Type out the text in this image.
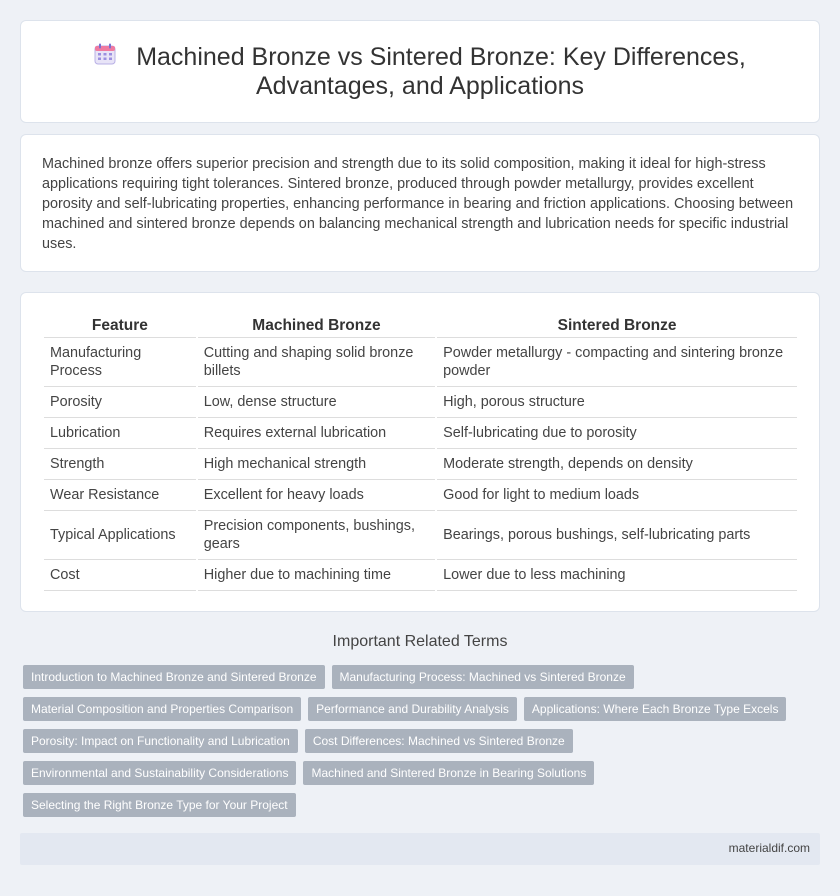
Machined Bronze vs Sintered Bronze: Key Differences,
Advantages, and Applications

Machined bronze offers superior precision and strength due to its solid composition, making it ideal for high-stress applications requiring tight tolerances. Sintered bronze, produced through powder metallurgy, provides excellent porosity and self-lubricating properties, enhancing performance in bearing and friction applications. Choosing between machined and sintered bronze depends on balancing mechanical strength and lubrication needs for specific industrial uses.

Feature	Machined Bronze	Sintered Bronze
Manufacturing Process	Cutting and shaping solid bronze billets	Powder metallurgy - compacting and sintering bronze powder
Porosity	Low, dense structure	High, porous structure
Lubrication	Requires external lubrication	Self-lubricating due to porosity
Strength	High mechanical strength	Moderate strength, depends on density
Wear Resistance	Excellent for heavy loads	Good for light to medium loads
Typical Applications	Precision components, bushings, gears	Bearings, porous bushings, self-lubricating parts
Cost	Higher due to machining time	Lower due to less machining
Important Related Terms
Introduction to Machined Bronze and Sintered Bronze	Manufacturing Process: Machined vs Sintered Bronze
Material Composition and Properties Comparison	Performance and Durability Analysis	Applications: Where Each Bronze Type Excels
Porosity: Impact on Functionality and Lubrication	Cost Differences: Machined vs Sintered Bronze
Environmental and Sustainability Considerations	Machined and Sintered Bronze in Bearing Solutions
Selecting the Right Bronze Type for Your Project
materialdif.com
